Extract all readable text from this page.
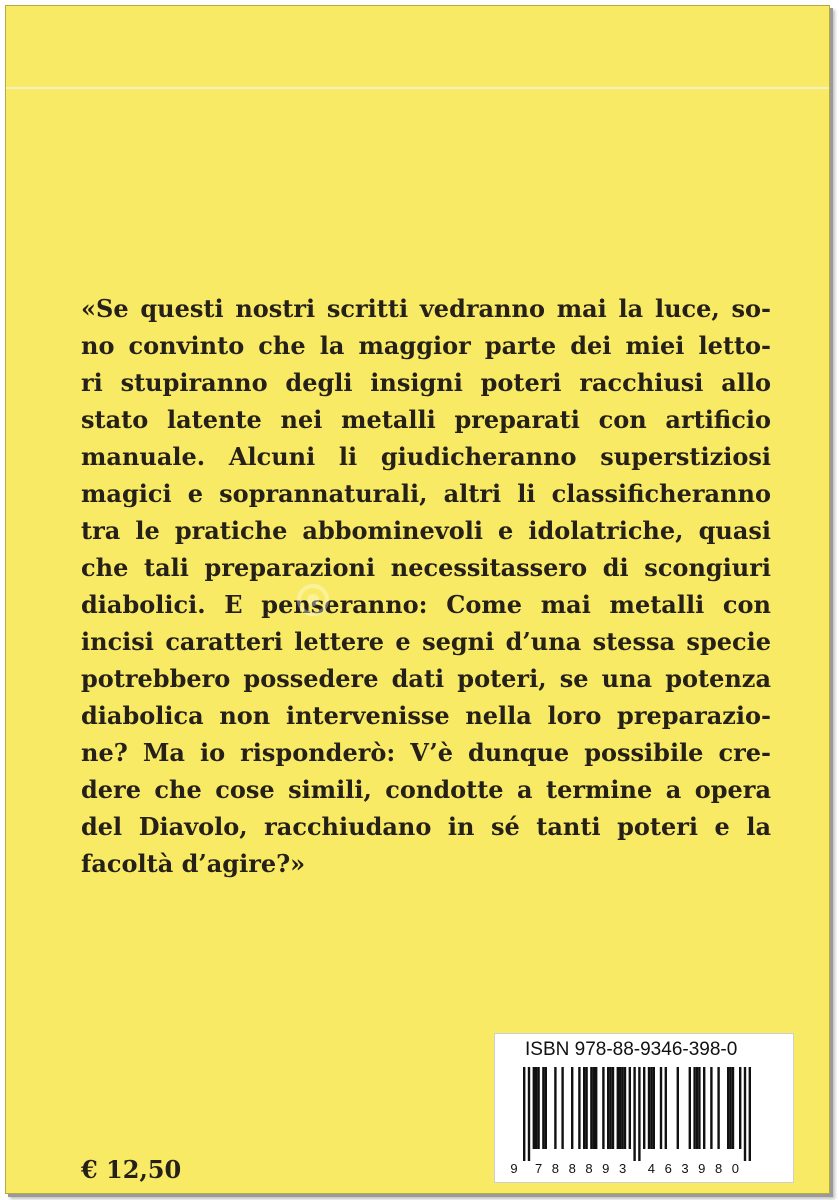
«Se questi nostri scritti vedranno mai la luce, so-
no convinto che la maggior parte dei miei letto-
ri stupiranno degli insigni poteri racchiusi allo
stato latente nei metalli preparati con artificio
manuale. Alcuni li giudicheranno superstiziosi
magici e soprannaturali, altri li classificheranno
tra le pratiche abbominevoli e idolatriche, quasi
che tali preparazioni necessitassero di scongiuri
diabolici. E penseranno: Come mai metalli con
incisi caratteri lettere e segni d’una stessa specie
potrebbero possedere dati poteri, se una potenza
diabolica non intervenisse nella loro preparazio-
ne? Ma io risponderò: V’è dunque possibile cre-
dere che cose simili, condotte a termine a opera
del Diavolo, racchiudano in sé tanti poteri e la
facoltà d’agire?»
€ 12,50
ISBN 978-88-9346-398-0
9 7 8 8 8 9 3 4 6 3 9 8 0
